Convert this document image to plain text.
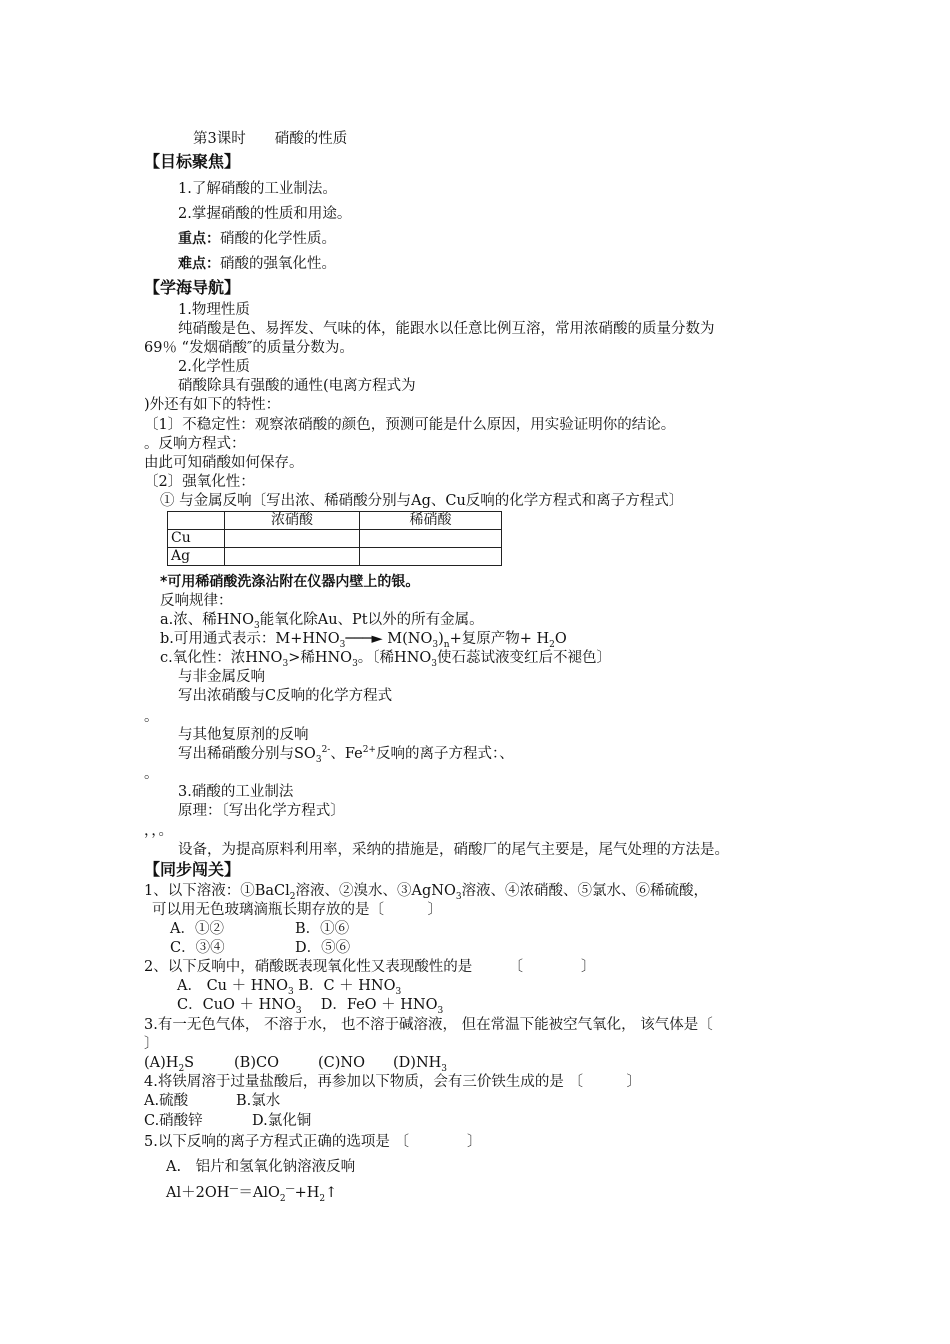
第3课时　　硝酸的性质
【目标聚焦】
1.了解硝酸的工业制法。
2.掌握硝酸的性质和用途。
重点：硝酸的化学性质。
难点：硝酸的强氧化性。
【学海导航】
1.物理性质
纯硝酸是色、易挥发、气味的体，能跟水以任意比例互溶，常用浓硝酸的质量分数为
69％ “发烟硝酸″的质量分数为。
2.化学性质
硝酸除具有强酸的通性(电离方程式为
)外还有如下的特性：
〔1〕不稳定性：观察浓硝酸的颜色，预测可能是什么原因，用实验证明你的结论。
。反响方程式：
由此可知硝酸如何保存。
〔2〕强氧化性：
① 与金属反响〔写出浓、稀硝酸分别与Ag、Cu反响的化学方程式和离子方程式〕
	浓硝酸	稀硝酸
Cu		
Ag		
*可用稀硝酸洗涤沾附在仪器内壁上的银。
反响规律：
a.浓、稀$HNO_3$能氧化除Au、Pt以外的所有金属。
b.可用通式表示：$M+HNO_3───►$ $M(NO_3)_n+$复原产物+ $H_2O$
c.氧化性：浓$HNO_3>$稀$HNO_3$。〔稀$HNO_3$使石蕊试液变红后不褪色〕
与非金属反响
写出浓硝酸与C反响的化学方程式
。
与其他复原剂的反响
写出稀硝酸分别与$SO_3^{2-}$、$Fe^{2+}$反响的离子方程式：、
。
3.硝酸的工业制法
原理：〔写出化学方程式〕
，，。
设备，为提高原料利用率，采纳的措施是，硝酸厂的尾气主要是，尾气处理的方法是。
【同步闯关】
1、以下溶液：①BaCl$_2$溶液、②溴水、③AgNO$_3$溶液、④浓硝酸、⑤氯水、⑥稀硫酸，
可以用无色玻璃滴瓶长期存放的是〔　　　〕
A．①②	B．①⑥
C．③④	D．⑤⑥
2、以下反响中，硝酸既表现氧化性又表现酸性的是　　　〔　　　　〕
A． $Cu + HNO_3$ B．$C + HNO_3$
C．CuO ＋ $HNO_3$　 D．FeO ＋ $HNO_3$
3.有一无色气体， 不溶于水， 也不溶于碱溶液， 但在常温下能被空气氧化， 该气体是〔
〕
$(A)H_2S$	(B)CO	(C)NO $(D)NH_3$
4.将铁屑溶于过量盐酸后，再参加以下物质，会有三价铁生成的是 〔　　　〕
A.硫酸	B.氯水
C.硝酸锌	D.氯化铜
5.以下反响的离子方程式正确的选项是 〔　　　　〕
A.　铝片和氢氧化钠溶液反响
$Al+2OH^—=AlO_2^—+H_2↑$
